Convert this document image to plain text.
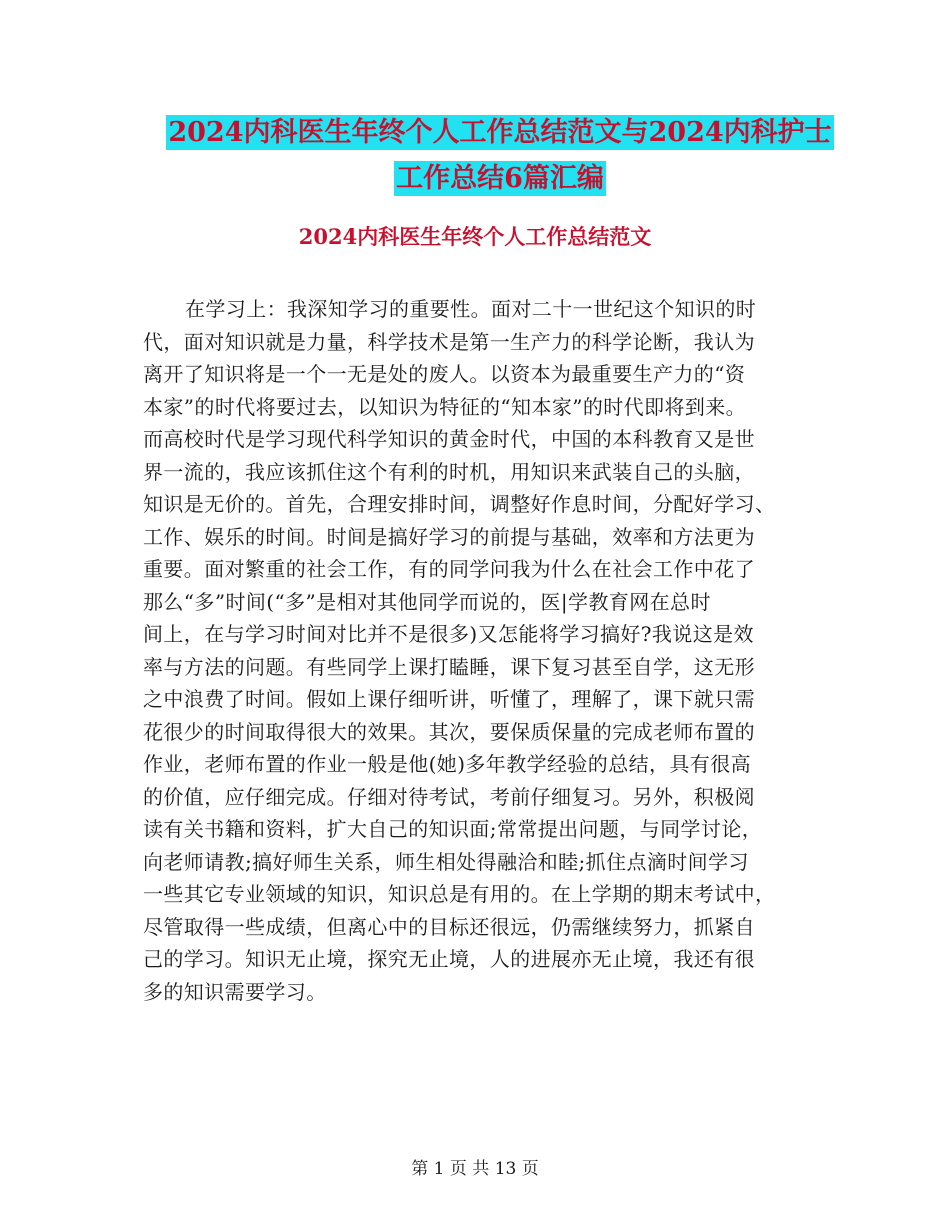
2024内科医生年终个人工作总结范文与2024内科护士
工作总结6篇汇编
2024内科医生年终个人工作总结范文
在学习上：我深知学习的重要性。面对二十一世纪这个知识的时
代，面对知识就是力量，科学技术是第一生产力的科学论断，我认为
离开了知识将是一个一无是处的废人。以资本为最重要生产力的“资
本家”的时代将要过去，以知识为特征的“知本家”的时代即将到来。
而高校时代是学习现代科学知识的黄金时代，中国的本科教育又是世
界一流的，我应该抓住这个有利的时机，用知识来武装自己的头脑，
知识是无价的。首先，合理安排时间，调整好作息时间，分配好学习、
工作、娱乐的时间。时间是搞好学习的前提与基础，效率和方法更为
重要。面对繁重的社会工作，有的同学问我为什么在社会工作中花了
那么“多”时间(“多”是相对其他同学而说的，医|学教育网在总时
间上，在与学习时间对比并不是很多)又怎能将学习搞好?我说这是效
率与方法的问题。有些同学上课打瞌睡，课下复习甚至自学，这无形
之中浪费了时间。假如上课仔细听讲，听懂了，理解了，课下就只需
花很少的时间取得很大的效果。其次，要保质保量的完成老师布置的
作业，老师布置的作业一般是他(她)多年教学经验的总结，具有很高
的价值，应仔细完成。仔细对待考试，考前仔细复习。另外，积极阅
读有关书籍和资料，扩大自己的知识面;常常提出问题，与同学讨论，
向老师请教;搞好师生关系，师生相处得融洽和睦;抓住点滴时间学习
一些其它专业领域的知识，知识总是有用的。在上学期的期末考试中，
尽管取得一些成绩，但离心中的目标还很远，仍需继续努力，抓紧自
己的学习。知识无止境，探究无止境，人的进展亦无止境，我还有很
多的知识需要学习。
第 1 页 共 13 页
